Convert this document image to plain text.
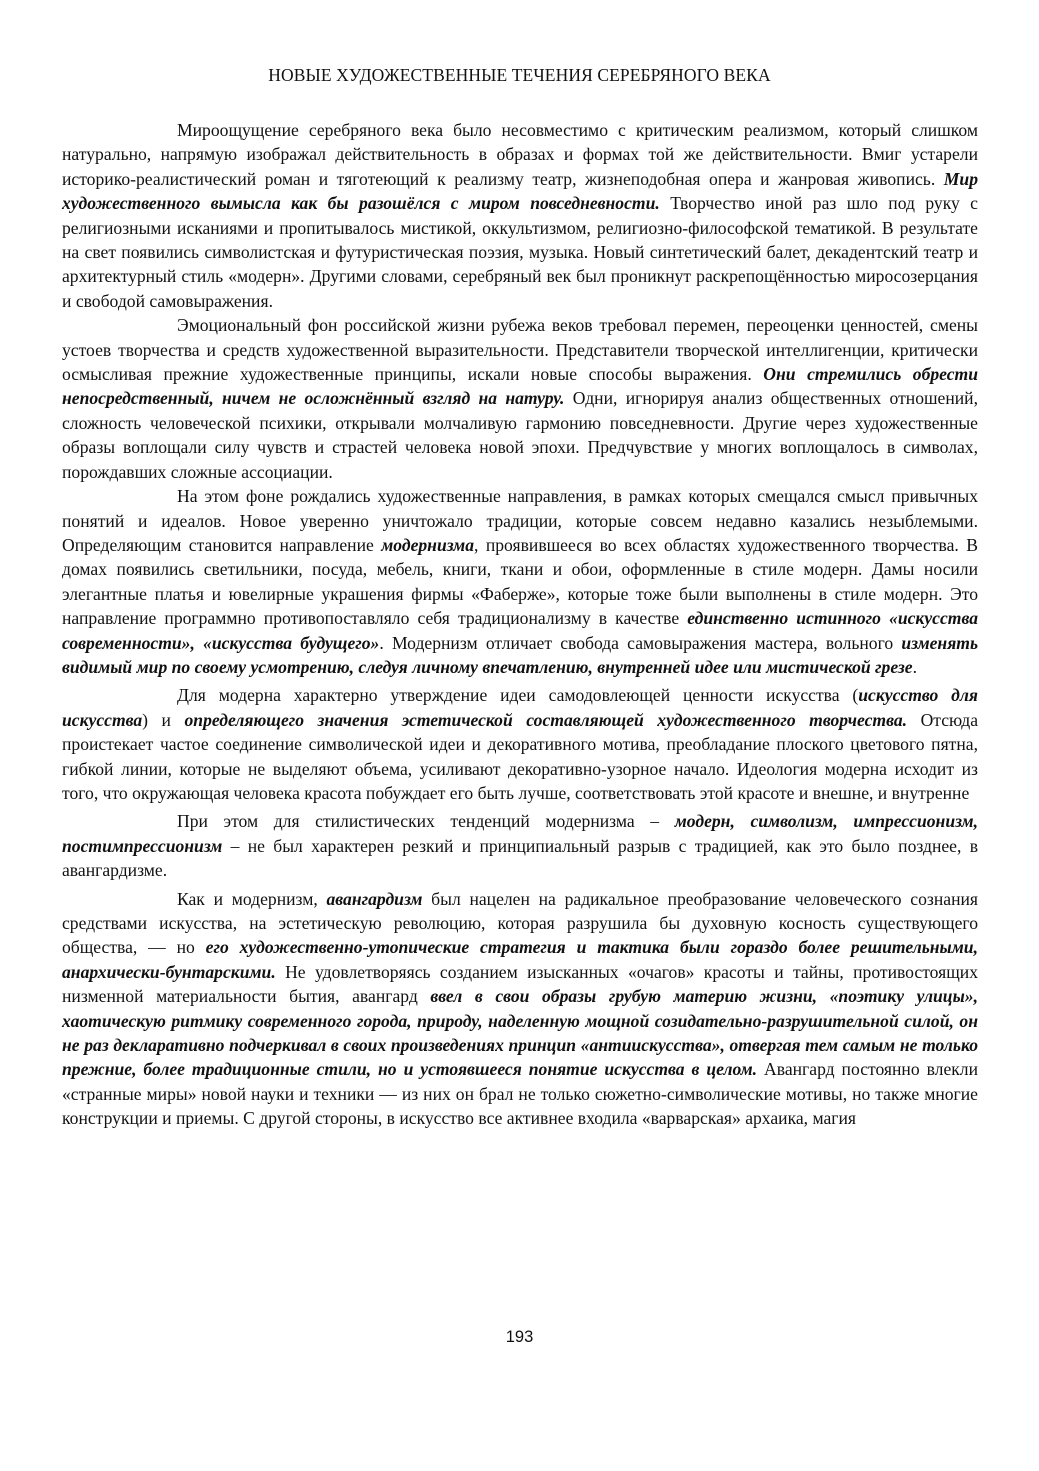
НОВЫЕ ХУДОЖЕСТВЕННЫЕ ТЕЧЕНИЯ СЕРЕБРЯНОГО ВЕКА

Мироощущение серебряного века было несовместимо с критическим реализмом, который слишком натурально, напрямую изображал действительность в образах и формах той же действительности. Вмиг устарели историко-реалистический роман и тяготеющий к реализму театр, жизнеподобная опера и жанровая живопись. Мир художественного вымысла как бы разошёлся с миром повседневности. Творчество иной раз шло под руку с религиозными исканиями и пропитывалось мистикой, оккультизмом, религиозно-философской тематикой. В результате на свет появились символистская и футуристическая поэзия, музыка. Новый синтетический балет, декадентский театр и архитектурный стиль «модерн». Другими словами, серебряный век был проникнут раскрепощённостью миросозерцания и свободой самовыражения.

Эмоциональный фон российской жизни рубежа веков требовал перемен, переоценки ценностей, смены устоев творчества и средств художественной выразительности. Представители творческой интеллигенции, критически осмысливая прежние художественные принципы, искали новые способы выражения. Они стремились обрести непосредственный, ничем не осложнённый взгляд на натуру. Одни, игнорируя анализ общественных отношений, сложность человеческой психики, открывали молчаливую гармонию повседневности. Другие через художественные образы воплощали силу чувств и страстей человека новой эпохи. Предчувствие у многих воплощалось в символах, порождавших сложные ассоциации.

На этом фоне рождались художественные направления, в рамках которых смещался смысл привычных понятий и идеалов. Новое уверенно уничтожало традиции, которые совсем недавно казались незыблемыми. Определяющим становится направление модернизма, проявившееся во всех областях художественного творчества. В домах появились светильники, посуда, мебель, книги, ткани и обои, оформленные в стиле модерн. Дамы носили элегантные платья и ювелирные украшения фирмы «Фаберже», которые тоже были выполнены в стиле модерн. Это направление программно противопоставляло себя традиционализму в качестве единственно истинного «искусства современности», «искусства будущего». Модернизм отличает свобода самовыражения мастера, вольного изменять видимый мир по своему усмотрению, следуя личному впечатлению, внутренней идее или мистической грезе.

Для модерна характерно утверждение идеи самодовлеющей ценности искусства (искусство для искусства) и определяющего значения эстетической составляющей художественного творчества. Отсюда проистекает частое соединение символической идеи и декоративного мотива, преобладание плоского цветового пятна, гибкой линии, которые не выделяют объема, усиливают декоративно-узорное начало. Идеология модерна исходит из того, что окружающая человека красота побуждает его быть лучше, соответствовать этой красоте и внешне, и внутренне

При этом для стилистических тенденций модернизма – модерн, символизм, импрессионизм, постимпрессионизм – не был характерен резкий и принципиальный разрыв с традицией, как это было позднее, в авангардизме.

Как и модернизм, авангардизм был нацелен на радикальное преобразование человеческого сознания средствами искусства, на эстетическую революцию, которая разрушила бы духовную косность существующего общества, — но его художественно-утопические стратегия и тактика были гораздо более решительными, анархически-бунтарскими. Не удовлетворяясь созданием изысканных «очагов» красоты и тайны, противостоящих низменной материальности бытия, авангард ввел в свои образы грубую материю жизни, «поэтику улицы», хаотическую ритмику современного города, природу, наделенную мощной созидательно-разрушительной силой, он не раз декларативно подчеркивал в своих произведениях принцип «антиискусства», отвергая тем самым не только прежние, более традиционные стили, но и устоявшееся понятие искусства в целом. Авангард постоянно влекли «странные миры» новой науки и техники — из них он брал не только сюжетно-символические мотивы, но также многие конструкции и приемы. С другой стороны, в искусство все активнее входила «варварская» архаика, магия

193
